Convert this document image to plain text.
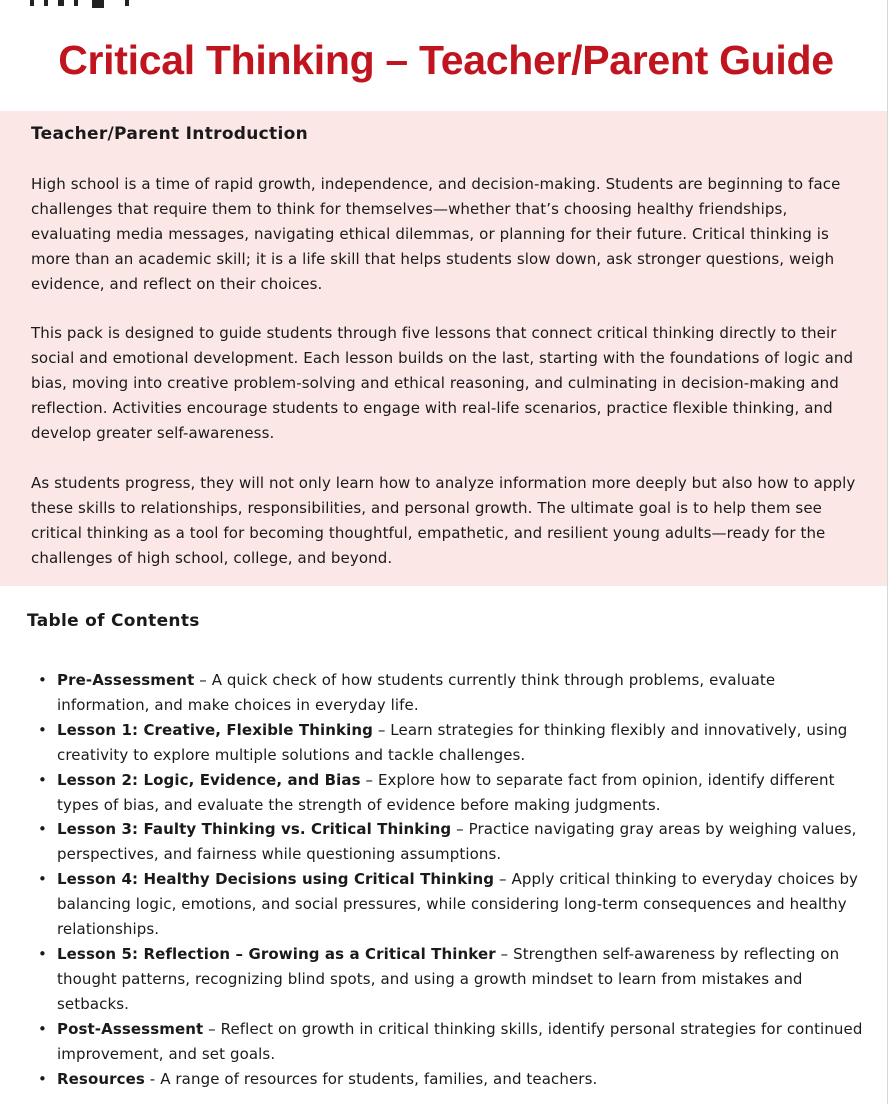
Critical Thinking – Teacher/Parent Guide
Teacher/Parent Introduction

High school is a time of rapid growth, independence, and decision-making. Students are beginning to face challenges that require them to think for themselves—whether that’s choosing healthy friendships, evaluating media messages, navigating ethical dilemmas, or planning for their future. Critical thinking is more than an academic skill; it is a life skill that helps students slow down, ask stronger questions, weigh evidence, and reflect on their choices.

This pack is designed to guide students through five lessons that connect critical thinking directly to their social and emotional development. Each lesson builds on the last, starting with the foundations of logic and bias, moving into creative problem-solving and ethical reasoning, and culminating in decision-making and reflection. Activities encourage students to engage with real-life scenarios, practice flexible thinking, and develop greater self-awareness.

As students progress, they will not only learn how to analyze information more deeply but also how to apply these skills to relationships, responsibilities, and personal growth. The ultimate goal is to help them see critical thinking as a tool for becoming thoughtful, empathetic, and resilient young adults—ready for the challenges of high school, college, and beyond.

Table of Contents
• Pre-Assessment – A quick check of how students currently think through problems, evaluate information, and make choices in everyday life.
• Lesson 1: Creative, Flexible Thinking – Learn strategies for thinking flexibly and innovatively, using creativity to explore multiple solutions and tackle challenges.
• Lesson 2: Logic, Evidence, and Bias – Explore how to separate fact from opinion, identify different types of bias, and evaluate the strength of evidence before making judgments.
• Lesson 3: Faulty Thinking vs. Critical Thinking – Practice navigating gray areas by weighing values, perspectives, and fairness while questioning assumptions.
• Lesson 4: Healthy Decisions using Critical Thinking – Apply critical thinking to everyday choices by balancing logic, emotions, and social pressures, while considering long-term consequences and healthy relationships.
• Lesson 5: Reflection – Growing as a Critical Thinker – Strengthen self-awareness by reflecting on thought patterns, recognizing blind spots, and using a growth mindset to learn from mistakes and setbacks.
• Post-Assessment – Reflect on growth in critical thinking skills, identify personal strategies for continued improvement, and set goals.
• Resources - A range of resources for students, families, and teachers.
